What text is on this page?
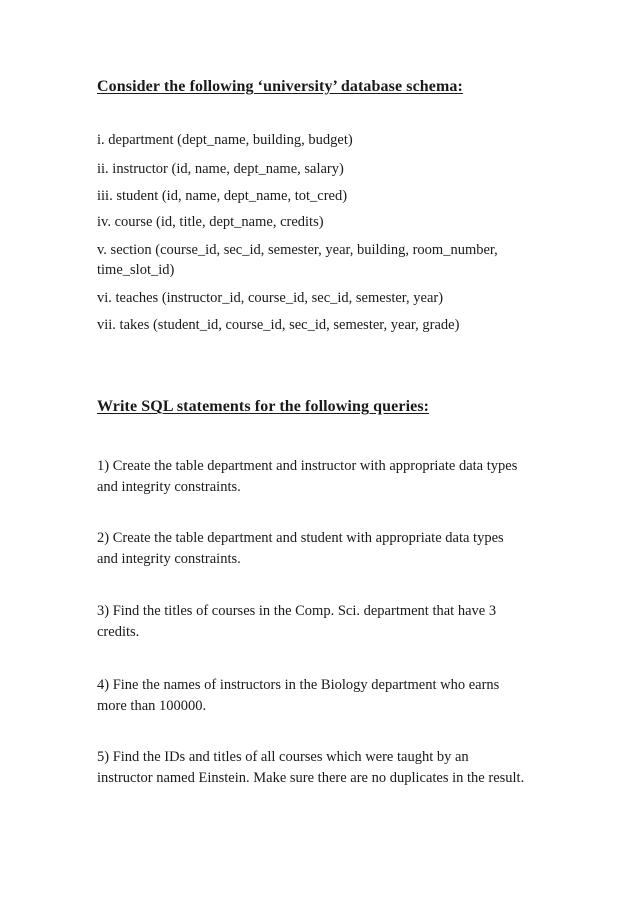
Consider the following ‘university’ database schema:
i. department (dept_name, building, budget)
ii. instructor (id, name, dept_name, salary)
iii. student (id, name, dept_name, tot_cred)
iv. course (id, title, dept_name, credits)
v. section (course_id, sec_id, semester, year, building, room_number,
time_slot_id)
vi. teaches (instructor_id, course_id, sec_id, semester, year)
vii. takes (student_id, course_id, sec_id, semester, year, grade)
Write SQL statements for the following queries:
1) Create the table department and instructor with appropriate data types
and integrity constraints.
2) Create the table department and student with appropriate data types
and integrity constraints.
3) Find the titles of courses in the Comp. Sci. department that have 3
credits.
4) Fine the names of instructors in the Biology department who earns
more than 100000.
5) Find the IDs and titles of all courses which were taught by an
instructor named Einstein. Make sure there are no duplicates in the result.
